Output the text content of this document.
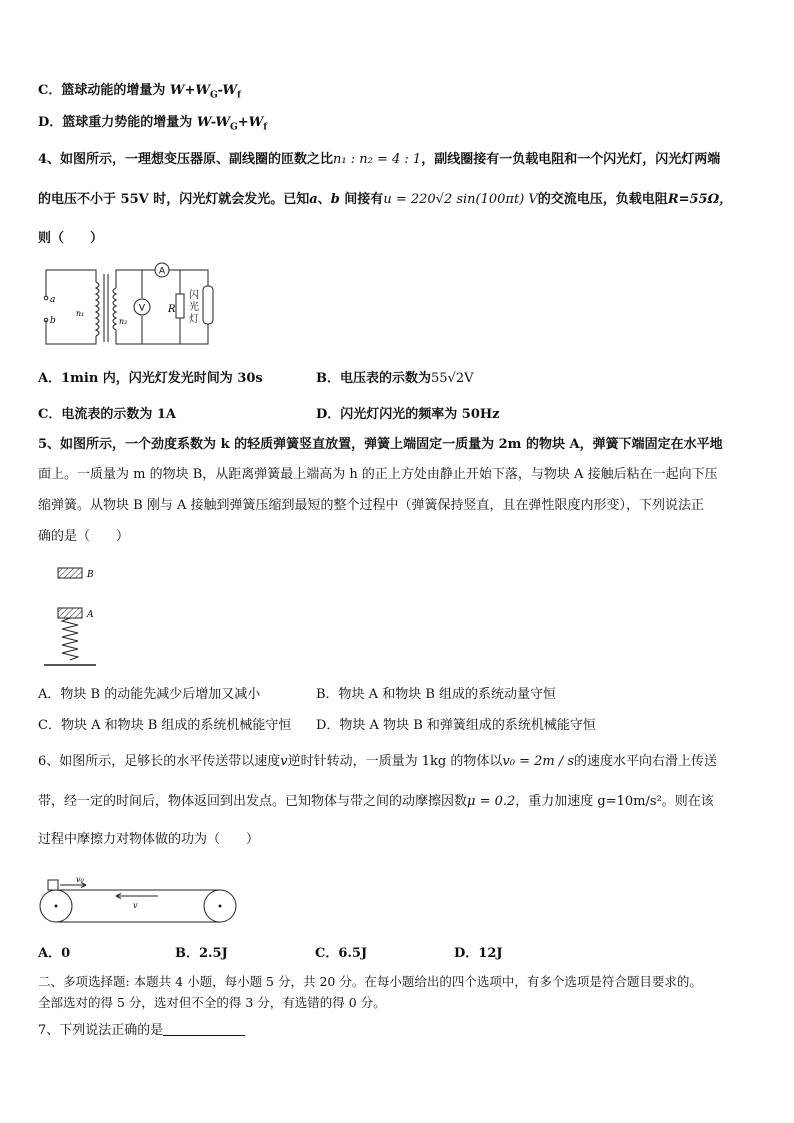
C．篮球动能的增量为 $W+W_G-W_f$
D．篮球重力势能的增量为 $W-W_G+W_f$
4、如图所示，一理想变压器原、副线圈的匝数之比n₁ : n₂ = 4 : 1，副线圈接有一负载电阻和一个闪光灯，闪光灯两端
的电压不小于 55V 时，闪光灯就会发光。已知a、b 间接有u = 220√2 sin(100πt) V的交流电压，负载电阻R=55Ω，
则（　　）
A
V R
a
b
n₁
n₂
闪光灯
A．1min 内，闪光灯发光时间为 30s	B．电压表的示数为55√2V
C．电流表的示数为 1A	D．闪光灯闪光的频率为 50Hz
5、如图所示，一个劲度系数为 k 的轻质弹簧竖直放置，弹簧上端固定一质量为 2m 的物块 A，弹簧下端固定在水平地
面上。一质量为 m 的物块 B，从距离弹簧最上端高为 h 的正上方处由静止开始下落，与物块 A 接触后粘在一起向下压
缩弹簧。从物块 B 刚与 A 接触到弹簧压缩到最短的整个过程中（弹簧保持竖直，且在弹性限度内形变），下列说法正
确的是（　　）
B
A
A．物块 B 的动能先减少后增加又减小	B．物块 A 和物块 B 组成的系统动量守恒
C．物块 A 和物块 B 组成的系统机械能守恒 D．物块 A 物块 B 和弹簧组成的系统机械能守恒
6、如图所示，足够长的水平传送带以速度v逆时针转动，一质量为 1kg 的物体以v₀ = 2m / s的速度水平向右滑上传送
带，经一定的时间后，物体返回到出发点。已知物体与带之间的动摩擦因数μ = 0.2，重力加速度 g=10m/s²。则在该
过程中摩擦力对物体做的功为（　　）
v₀
v
A．0	B．2.5J	C．6.5J	D．12J
二、多项选择题: 本题共 4 小题，每小题 5 分，共 20 分。在每小题给出的四个选项中，有多个选项是符合题目要求的。
全部选对的得 5 分，选对但不全的得 3 分，有选错的得 0 分。
7、下列说法正确的是
